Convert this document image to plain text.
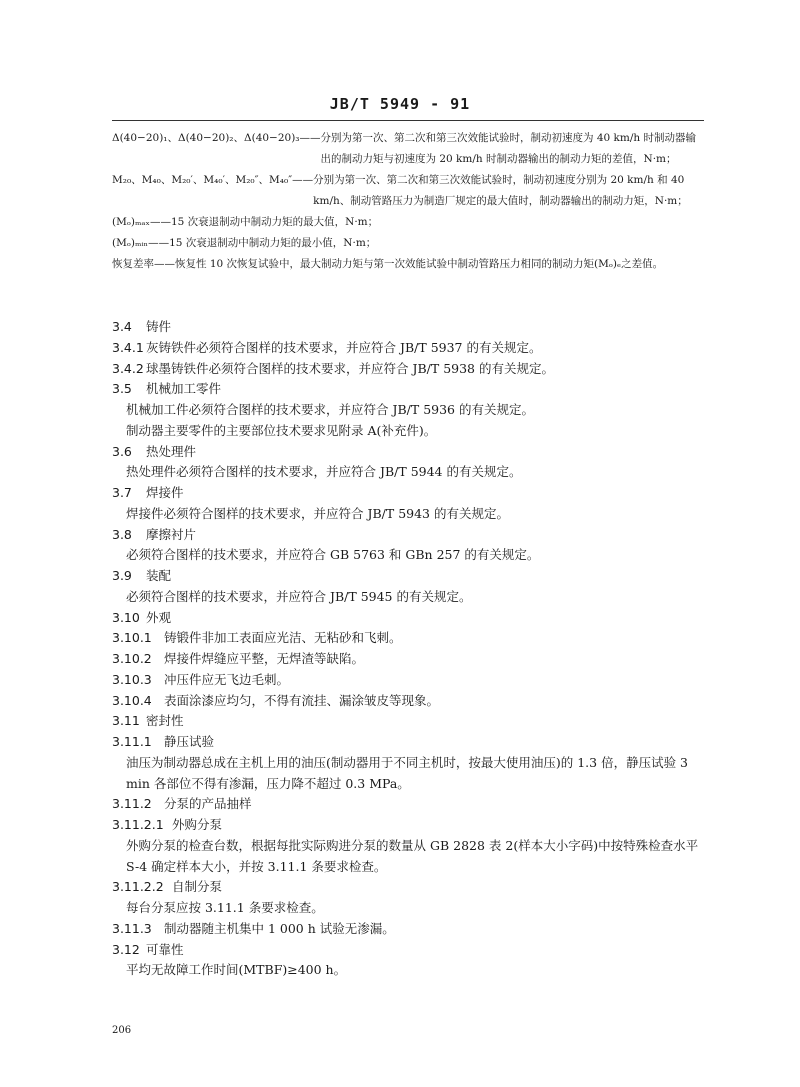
JB/T 5949 - 91
Δ(40−20)₁、Δ(40−20)₂、Δ(40−20)₃ —— 分别为第一次、第二次和第三次效能试验时，制动初速度为 40 km/h 时制动器输出的制动力矩与初速度为 20 km/h 时制动器输出的制动力矩的差值，N·m；
M₂₀、M₄₀、M₂₀′、M₄₀′、M₂₀″、M₄₀″ —— 分别为第一次、第二次和第三次效能试验时，制动初速度分别为 20 km/h 和 40 km/h、制动管路压力为制造厂规定的最大值时，制动器输出的制动力矩，N·m；
(Mₒ)ₘₐₓ —— 15 次衰退制动中制动力矩的最大值，N·m；
(Mₒ)ₘᵢₙ —— 15 次衰退制动中制动力矩的最小值，N·m；
恢复差率 —— 恢复性 10 次恢复试验中，最大制动力矩与第一次效能试验中制动管路压力相同的制动力矩(Mₒ)ₑ之差值。
3.4 铸件
3.4.1 灰铸铁件必须符合图样的技术要求，并应符合 JB/T 5937 的有关规定。
3.4.2 球墨铸铁件必须符合图样的技术要求，并应符合 JB/T 5938 的有关规定。
3.5 机械加工零件
机械加工件必须符合图样的技术要求，并应符合 JB/T 5936 的有关规定。
制动器主要零件的主要部位技术要求见附录 A(补充件)。
3.6 热处理件
热处理件必须符合图样的技术要求，并应符合 JB/T 5944 的有关规定。
3.7 焊接件
焊接件必须符合图样的技术要求，并应符合 JB/T 5943 的有关规定。
3.8 摩擦衬片
必须符合图样的技术要求，并应符合 GB 5763 和 GBn 257 的有关规定。
3.9 装配
必须符合图样的技术要求，并应符合 JB/T 5945 的有关规定。
3.10 外观
3.10.1 铸锻件非加工表面应光洁、无粘砂和飞刺。
3.10.2 焊接件焊缝应平整，无焊渣等缺陷。
3.10.3 冲压件应无飞边毛刺。
3.10.4 表面涂漆应均匀，不得有流挂、漏涂皱皮等现象。
3.11 密封性
3.11.1 静压试验
油压为制动器总成在主机上用的油压(制动器用于不同主机时，按最大使用油压)的 1.3 倍，静压试验 3 min 各部位不得有渗漏，压力降不超过 0.3 MPa。
3.11.2 分泵的产品抽样
3.11.2.1 外购分泵
外购分泵的检查台数，根据每批实际购进分泵的数量从 GB 2828 表 2(样本大小字码)中按特殊检查水平 S-4 确定样本大小，并按 3.11.1 条要求检查。
3.11.2.2 自制分泵
每台分泵应按 3.11.1 条要求检查。
3.11.3 制动器随主机集中 1 000 h 试验无渗漏。
3.12 可靠性
平均无故障工作时间(MTBF)≥400 h。
206
